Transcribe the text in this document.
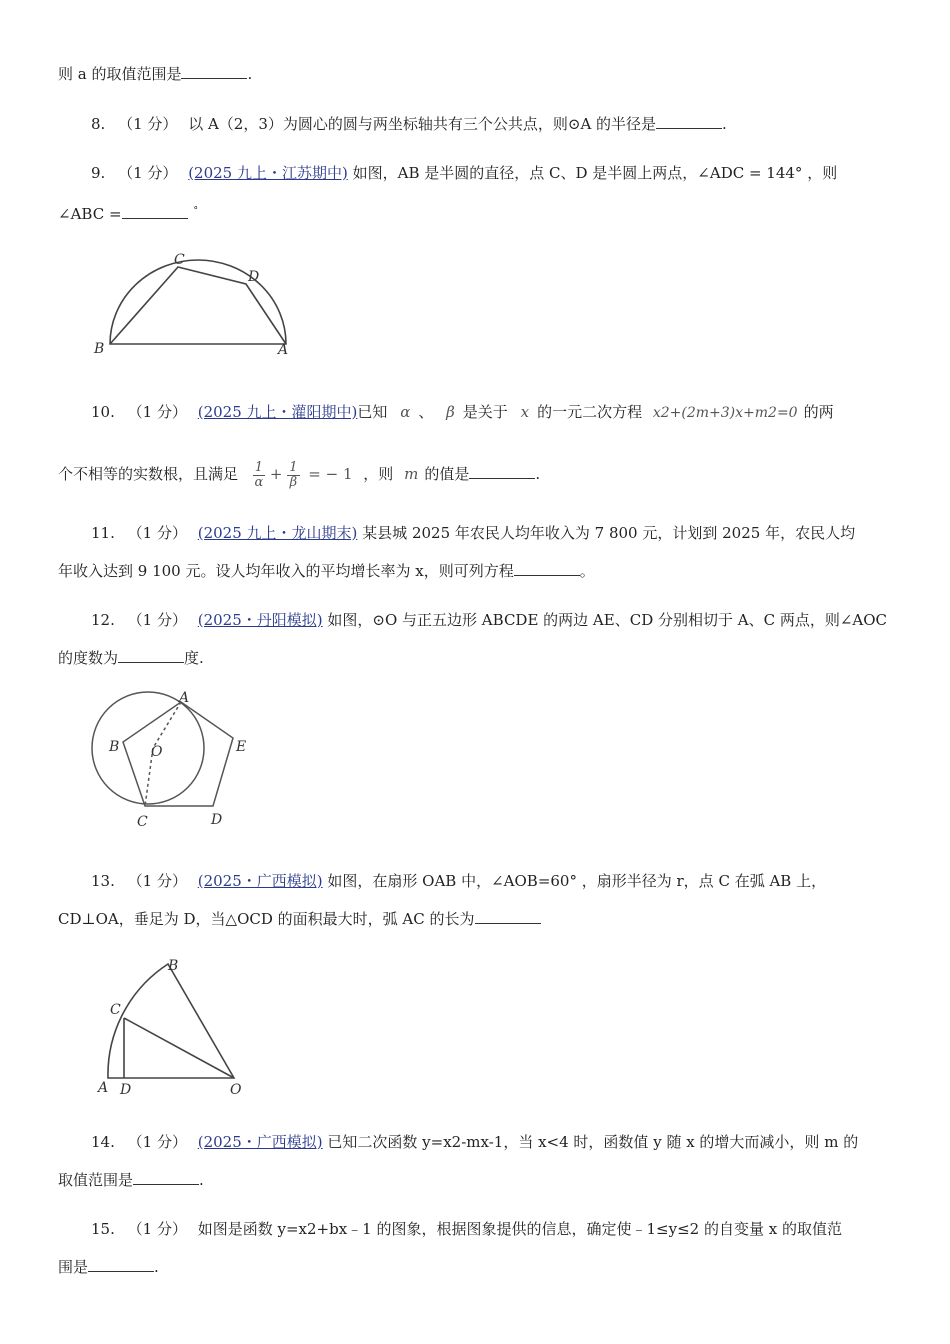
则 a 的取值范围是	.
8. （1 分） 以 A（2，3）为圆心的圆与两坐标轴共有三个公共点，则⊙A 的半径是	.
9. （1 分） (2025 九上・江苏期中) 如图，AB 是半圆的直径，点 C、D 是半圆上两点，∠ADC = 144° ，则
∠ABC =	°
B
C
D
A
10. （1 分） (2025 九上・灌阳期中)已知 α 、 β 是关于 x 的一元二次方程 x2+(2m+3)x+m2=0 的两
个不相等的实数根，且满足 $\frac{1}{\alpha} + \frac{1}{\beta}$ = − 1 ，则 m 的值是	.
11. （1 分） (2025 九上・龙山期末) 某县城 2025 年农民人均年收入为 7 800 元，计划到 2025 年，农民人均
年收入达到 9 100 元。设人均年收入的平均增长率为 x，则可列方程	。
12. （1 分） (2025・丹阳模拟) 如图，⊙O 与正五边形 ABCDE 的两边 AE、CD 分别相切于 A、C 两点，则∠AOC
的度数为	度.
A
B O	E
C	D
13. （1 分） (2025・广西模拟) 如图，在扇形 OAB 中，∠AOB=60° ，扇形半径为 r，点 C 在弧 AB 上，
CD⊥OA，垂足为 D，当△OCD 的面积最大时，弧 AC 的长为
B
C
A D	O
14. （1 分） (2025・广西模拟) 已知二次函数 y=x2-mx-1，当 x<4 时，函数值 y 随 x 的增大而减小，则 m 的
取值范围是	.
15. （1 分） 如图是函数 y=x2+bx﹣1 的图象，根据图象提供的信息，确定使﹣1≤y≤2 的自变量 x 的取值范
围是	.
